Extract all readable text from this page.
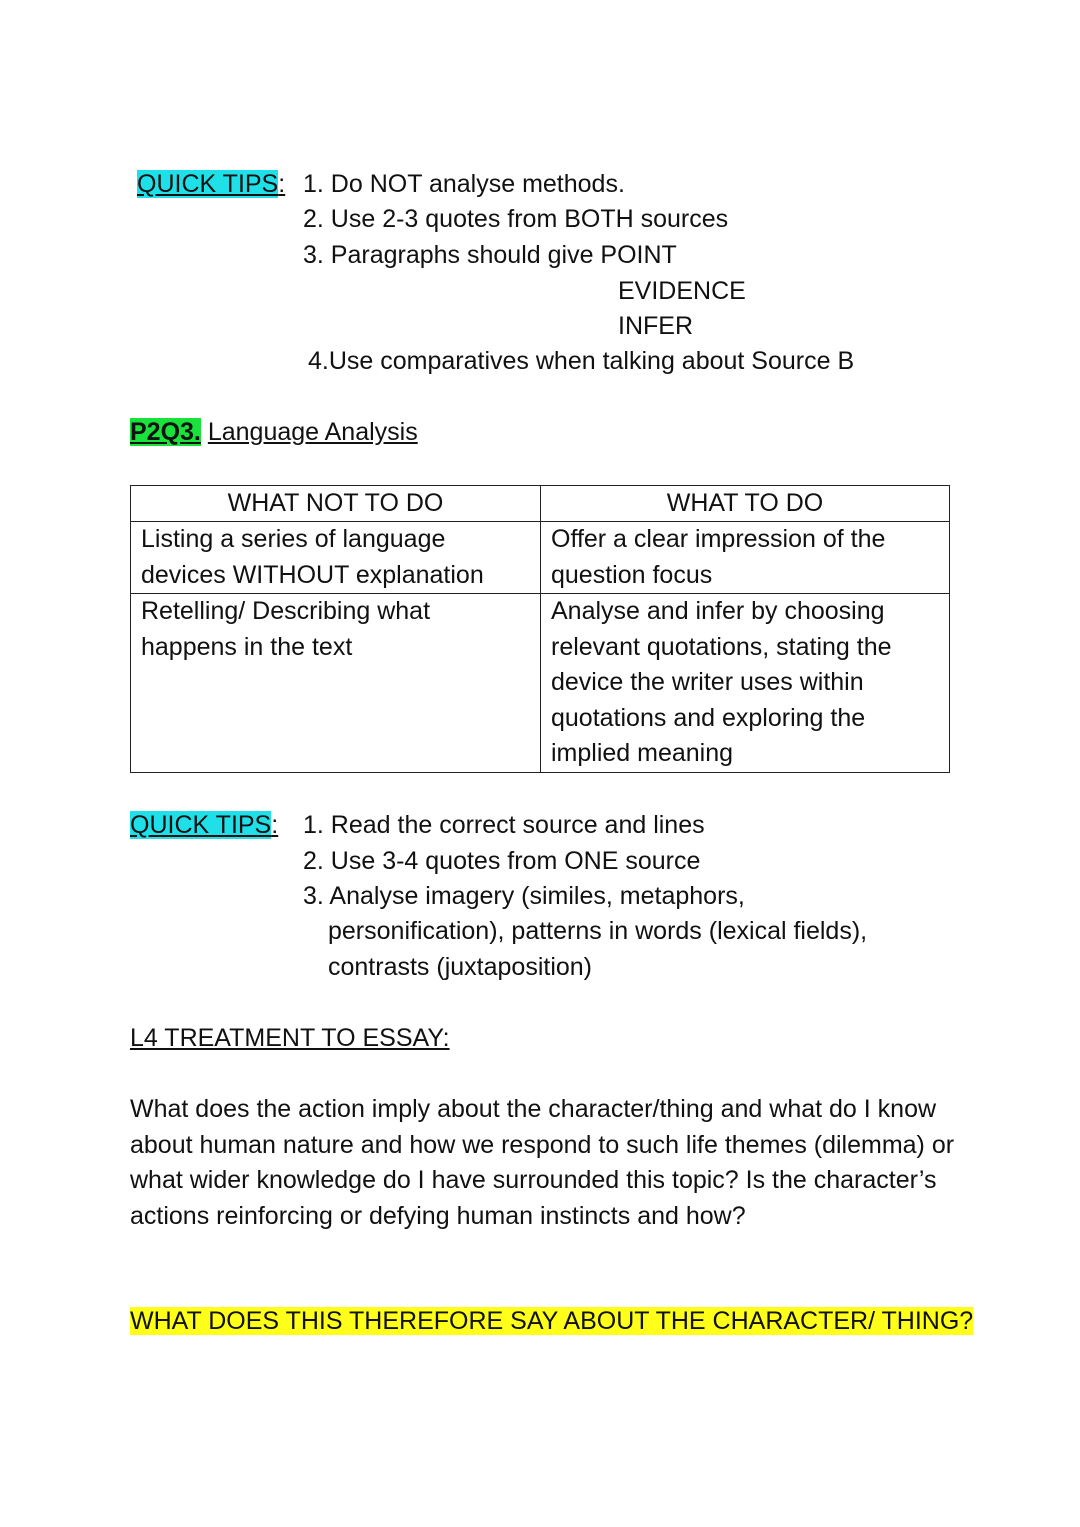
QUICK TIPS: 1. Do NOT analyse methods.
2. Use 2-3 quotes from BOTH sources
3. Paragraphs should give POINT
EVIDENCE
INFER
4.Use comparatives when talking about Source B
P2Q3. Language Analysis
WHAT NOT TO DO	WHAT TO DO
Listing a series of language devices WITHOUT explanation	Offer a clear impression of the question focus
Retelling/ Describing what happens in the text	Analyse and infer by choosing relevant quotations, stating the device the writer uses within quotations and exploring the implied meaning
QUICK TIPS: 1. Read the correct source and lines
2. Use 3-4 quotes from ONE source
3. Analyse imagery (similes, metaphors,
personification), patterns in words (lexical fields),
contrasts (juxtaposition)
L4 TREATMENT TO ESSAY:
What does the action imply about the character/thing and what do I know about human nature and how we respond to such life themes (dilemma) or what wider knowledge do I have surrounded this topic? Is the character’s actions reinforcing or defying human instincts and how?
WHAT DOES THIS THEREFORE SAY ABOUT THE CHARACTER/ THING?
